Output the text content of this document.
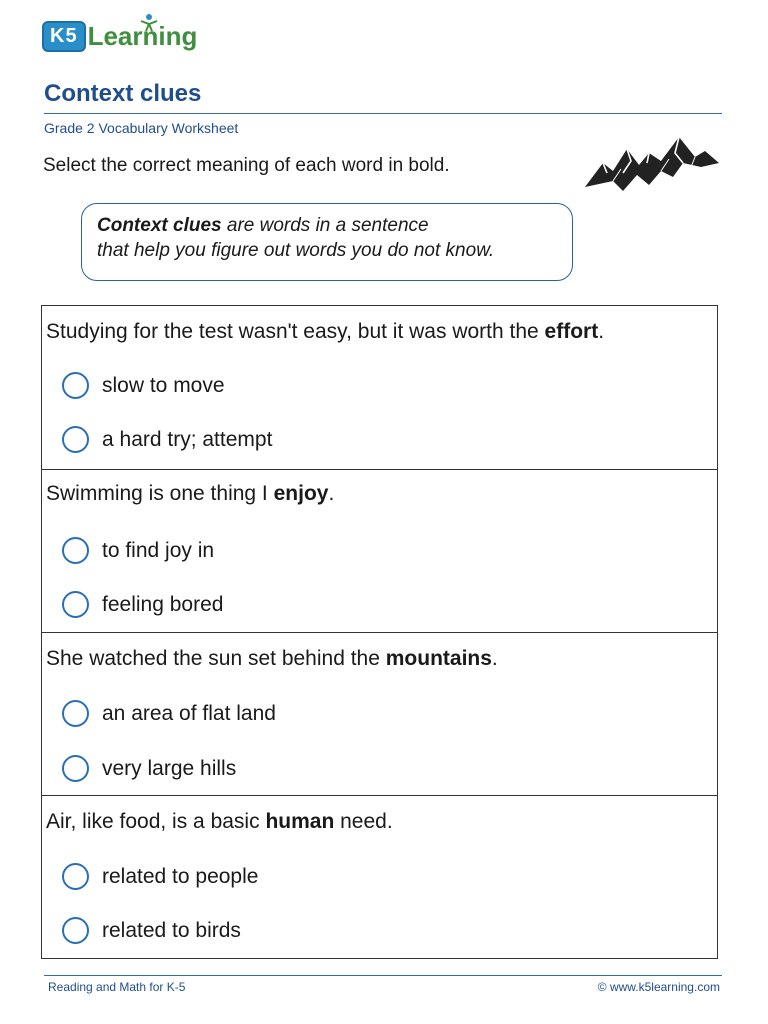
K5 Learning
Context clues
Grade 2 Vocabulary Worksheet
Select the correct meaning of each word in bold.
Context clues are words in a sentence
that help you figure out words you do not know.
Studying for the test wasn't easy, but it was worth the effort.
slow to move
a hard try; attempt
Swimming is one thing I enjoy.
to find joy in
feeling bored
She watched the sun set behind the mountains.
an area of flat land
very large hills
Air, like food, is a basic human need.
related to people
related to birds
Reading and Math for K-5	© www.k5learning.com
